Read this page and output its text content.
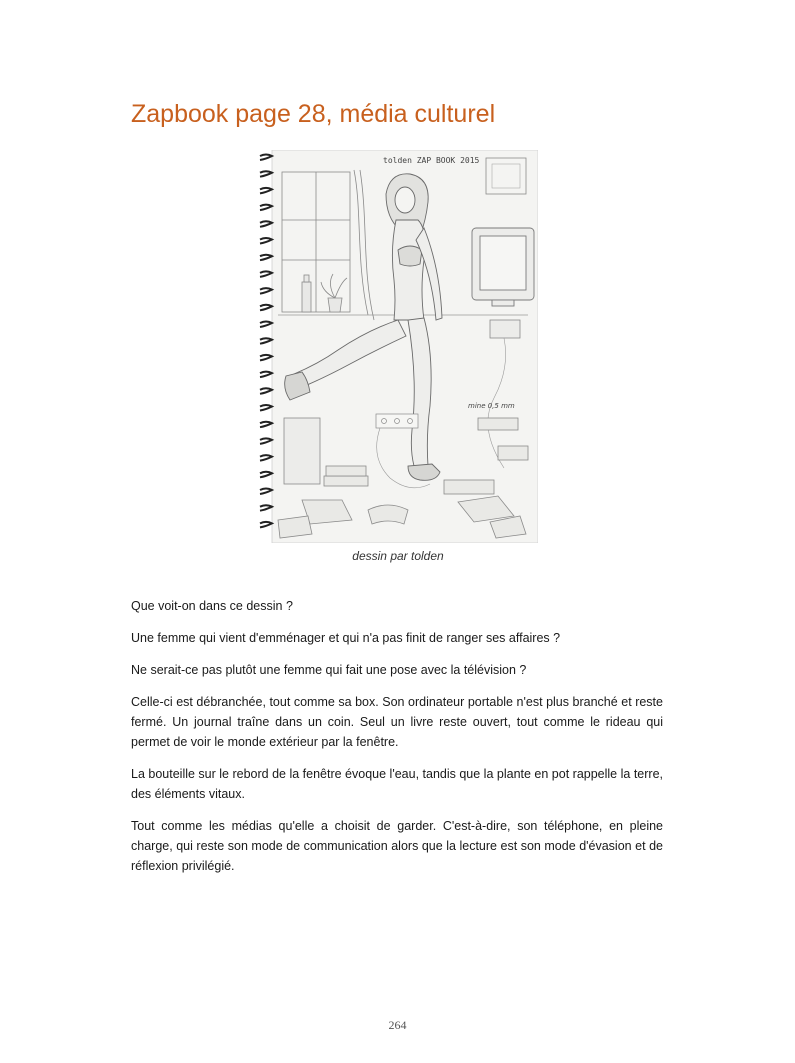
Zapbook page 28, média culturel
tolden ZAP BOOK 2015
mine 0,5 mm
dessin par tolden

Que voit-on dans ce dessin ?

Une femme qui vient d'emménager et qui n'a pas finit de ranger ses affaires ?

Ne serait-ce pas plutôt une femme qui fait une pose avec la télévision ?

Celle-ci est débranchée, tout comme sa box. Son ordinateur portable n'est plus branché et reste fermé. Un journal traîne dans un coin. Seul un livre reste ouvert, tout comme le rideau qui permet de voir le monde extérieur par la fenêtre.

La bouteille sur le rebord de la fenêtre évoque l'eau, tandis que la plante en pot rappelle la terre, des éléments vitaux.

Tout comme les médias qu'elle a choisit de garder. C'est-à-dire, son téléphone, en pleine charge, qui reste son mode de communication alors que la lecture est son mode d'évasion et de réflexion privilégié.

264
